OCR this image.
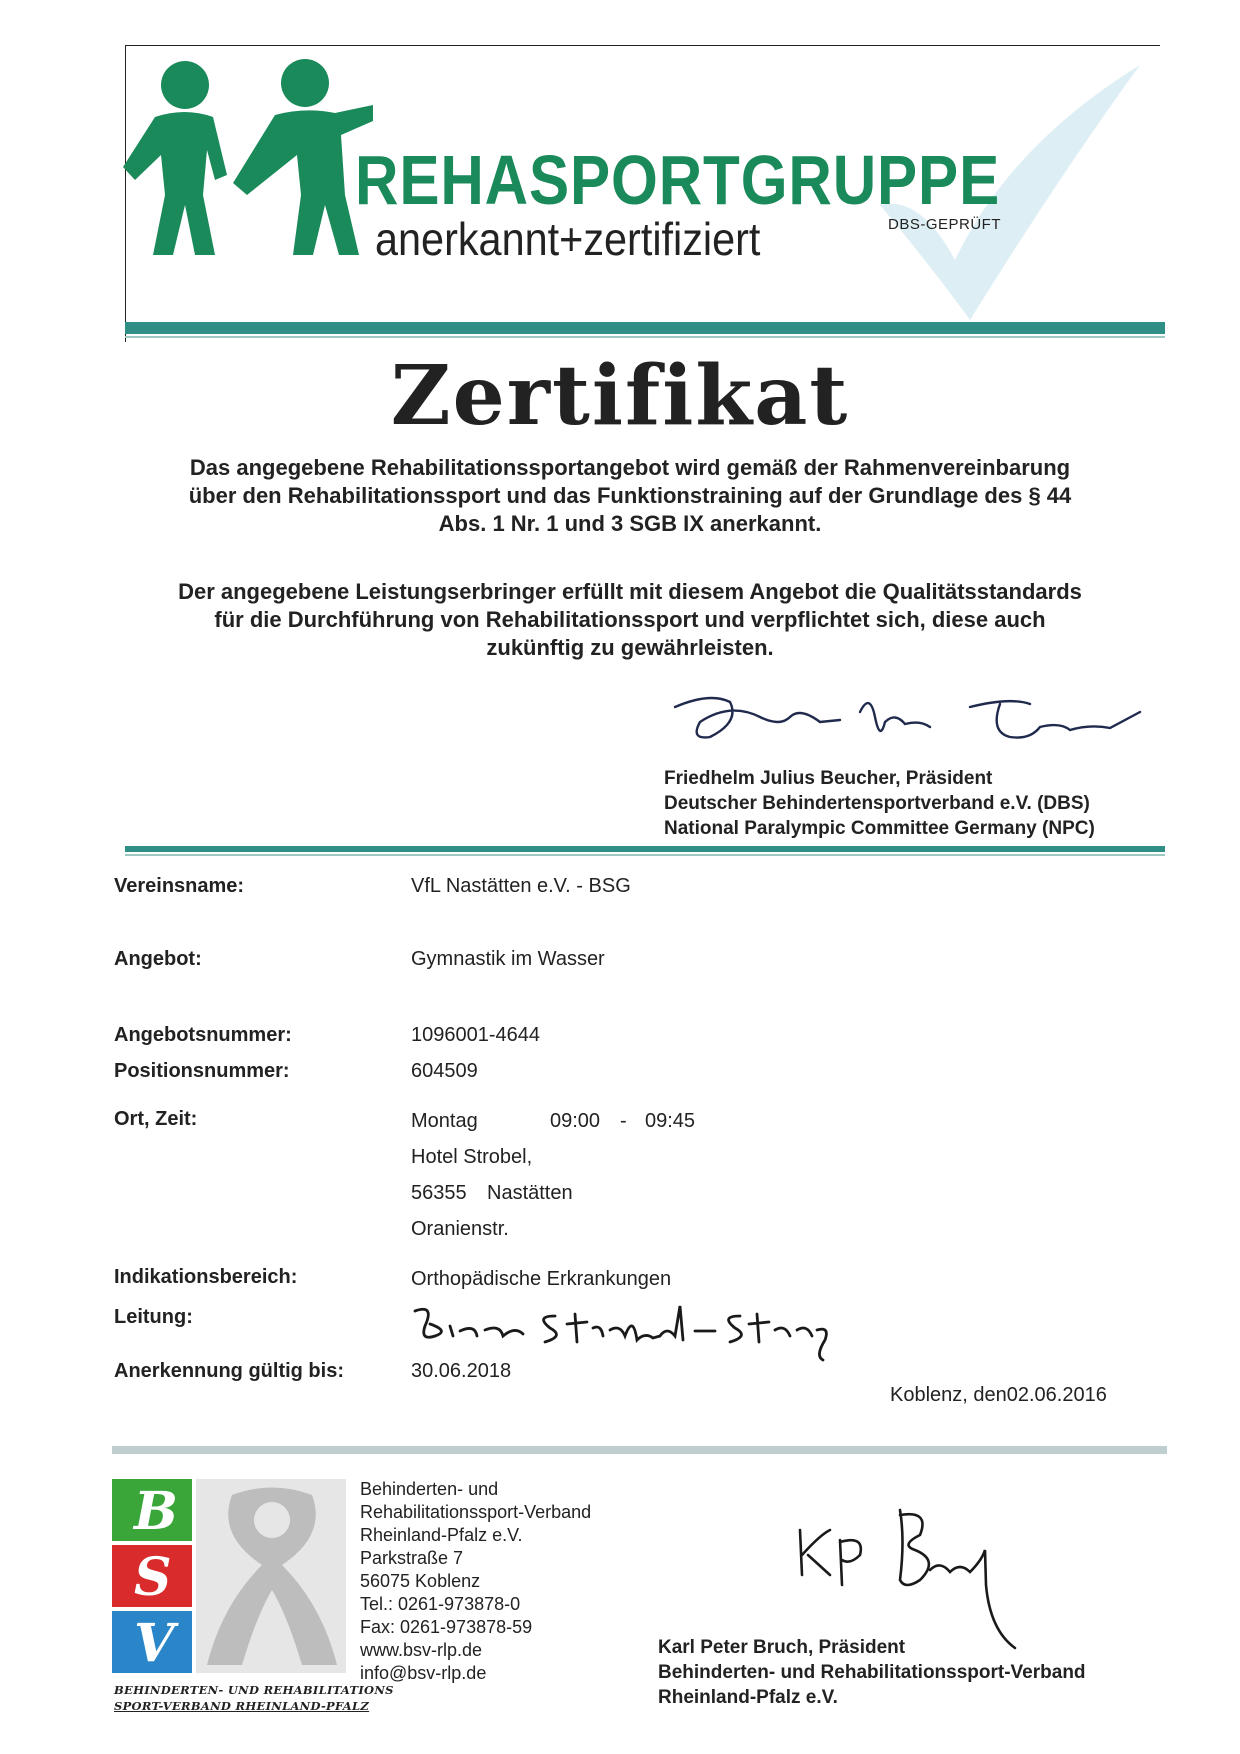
REHASPORTGRUPPE
anerkannt+zertifiziert	DBS-GEPRÜFT
Zertifikat
Das angegebene Rehabilitationssportangebot wird gemäß der Rahmenvereinbarung
über den Rehabilitationssport und das Funktionstraining auf der Grundlage des § 44
Abs. 1 Nr. 1 und 3 SGB IX anerkannt.
Der angegebene Leistungserbringer erfüllt mit diesem Angebot die Qualitätsstandards
für die Durchführung von Rehabilitationssport und verpflichtet sich, diese auch
zukünftig zu gewährleisten.
Friedhelm Julius Beucher, Präsident
Deutscher Behindertensportverband e.V. (DBS)
National Paralympic Committee Germany (NPC)
Vereinsname:	VfL Nastätten e.V. - BSG
Angebot:	Gymnastik im Wasser
Angebotsnummer:	1096001-4644
Positionsnummer:	604509
Ort, Zeit:	Montag	09:00 - 09:45
Hotel Strobel,
56355 Nastätten
Oranienstr.
Indikationsbereich:	Orthopädische Erkrankungen
Leitung:
Anerkennung gültig bis:	30.06.2018
Koblenz, den02.06.2016
B
S
V
BEHINDERTEN- UND REHABILITATIONS
SPORT-VERBAND RHEINLAND-PFALZ
Behinderten- und
Rehabilitationssport-Verband
Rheinland-Pfalz e.V.
Parkstraße 7
56075 Koblenz
Tel.: 0261-973878-0
Fax: 0261-973878-59
www.bsv-rlp.de
info@bsv-rlp.de
Karl Peter Bruch, Präsident
Behinderten- und Rehabilitationssport-Verband
Rheinland-Pfalz e.V.
